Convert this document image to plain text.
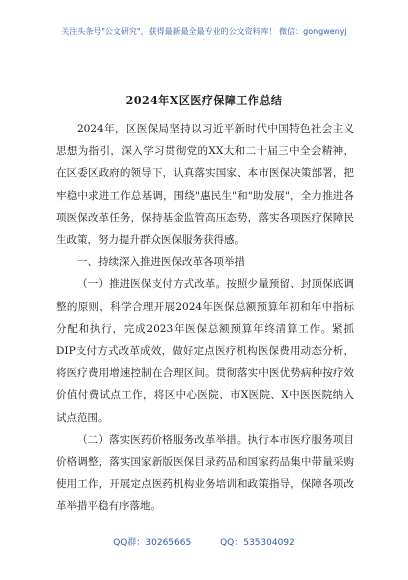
关注头条号"公文研究"，获得最新最全最专业的公文资料库！ 微信：gongwenyj
2024年X区医疗保障工作总结

2024年，区医保局坚持以习近平新时代中国特色社会主义思想为指引，深入学习贯彻党的XX大和二十届三中全会精神，在区委区政府的领导下，认真落实国家、本市医保决策部署，把牢稳中求进工作总基调，围绕"惠民生"和"助发展"，全力推进各项医保改革任务，保持基金监管高压态势，落实各项医疗保障民生政策，努力提升群众医保服务获得感。

一、持续深入推进医保改革各项举措

（一）推进医保支付方式改革。按照少量预留、封顶保底调整的原则，科学合理开展2024年医保总额预算年初和年中指标分配和执行，完成2023年医保总额预算年终清算工作。紧抓DIP支付方式改革成效，做好定点医疗机构医保费用动态分析，将医疗费用增速控制在合理区间。贯彻落实中医优势病种按疗效价值付费试点工作，将区中心医院、市X医院、X中医医院纳入试点范围。

（二）落实医药价格服务改革举措。执行本市医疗服务项目价格调整，落实国家新版医保目录药品和国家药品集中带量采购使用工作，开展定点医药机构业务培训和政策指导，保障各项改革举措平稳有序落地。

QQ群：30265665	QQ：535304092
